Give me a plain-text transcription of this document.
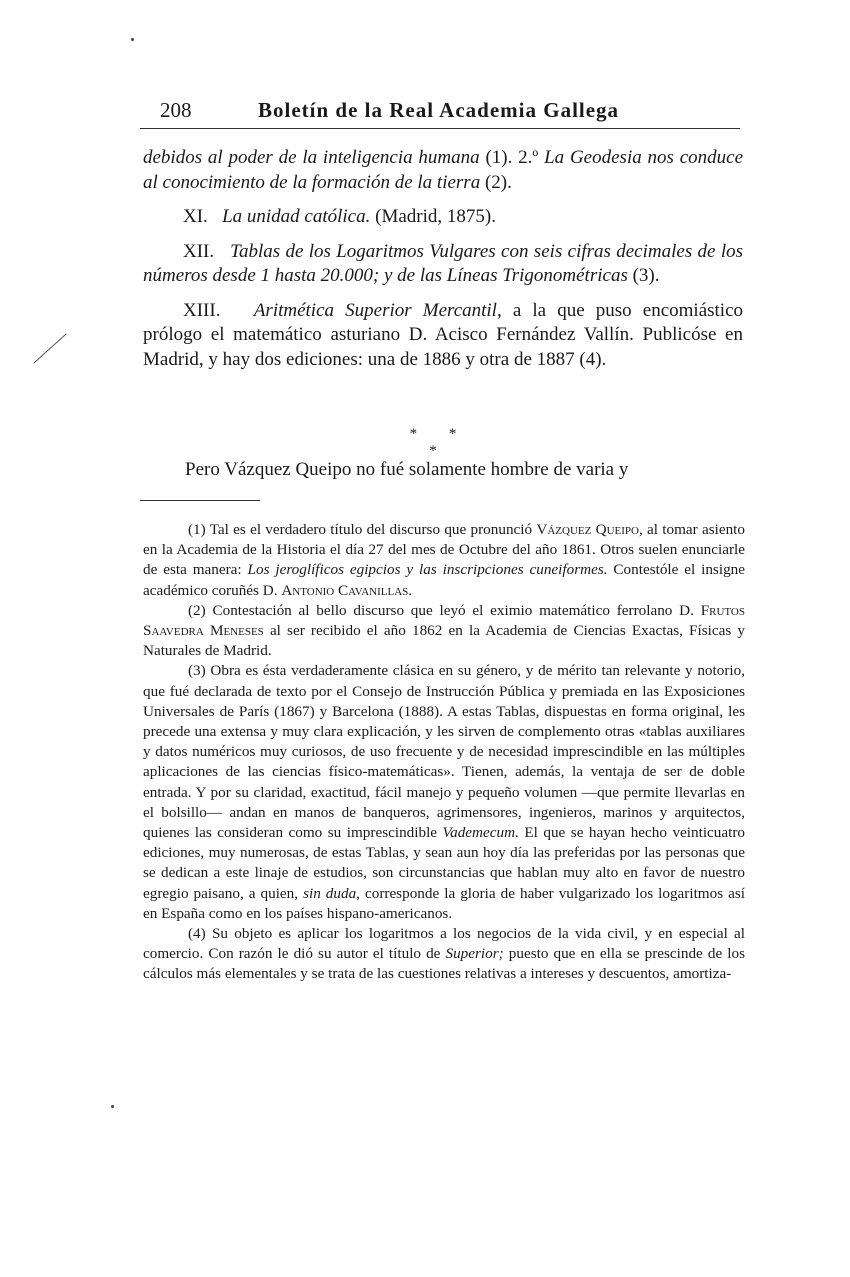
208	Boletín de la Real Academia Gallega

debidos al poder de la inteligencia humana (1). 2.º La Geodesia nos conduce al conocimiento de la formación de la tierra (2).

XI. La unidad católica. (Madrid, 1875).

XII. Tablas de los Logaritmos Vulgares con seis cifras decimales de los números desde 1 hasta 20.000; y de las Líneas Trigonométricas (3).

XIII. Aritmética Superior Mercantil, a la que puso encomiástico prólogo el matemático asturiano D. Acisco Fernández Vallín. Publicóse en Madrid, y hay dos ediciones: una de 1886 y otra de 1887 (4).

* * *

Pero Vázquez Queipo no fué solamente hombre de varia y

(1) Tal es el verdadero título del discurso que pronunció Vázquez Queipo, al tomar asiento en la Academia de la Historia el día 27 del mes de Octubre del año 1861. Otros suelen enunciarle de esta manera: Los jeroglíficos egipcios y las inscripciones cuneiformes. Contestóle el insigne académico coruñés D. Antonio Cavanillas.

(2) Contestación al bello discurso que leyó el eximio matemático ferrolano D. Frutos Saavedra Meneses al ser recibido el año 1862 en la Academia de Ciencias Exactas, Físicas y Naturales de Madrid.

(3) Obra es ésta verdaderamente clásica en su género, y de mérito tan relevante y notorio, que fué declarada de texto por el Consejo de Instrucción Pública y premiada en las Exposiciones Universales de París (1867) y Barcelona (1888). A estas Tablas, dispuestas en forma original, les precede una extensa y muy clara explicación, y les sirven de complemento otras «tablas auxiliares y datos numéricos muy curiosos, de uso frecuente y de necesidad imprescindible en las múltiples aplicaciones de las ciencias físico-matemáticas». Tienen, además, la ventaja de ser de doble entrada. Y por su claridad, exactitud, fácil manejo y pequeño volumen —que permite llevarlas en el bolsillo— andan en manos de banqueros, agrimensores, ingenieros, marinos y arquitectos, quienes las consideran como su imprescindible Vademecum. El que se hayan hecho veinticuatro ediciones, muy numerosas, de estas Tablas, y sean aun hoy día las preferidas por las personas que se dedican a este linaje de estudios, son circunstancias que hablan muy alto en favor de nuestro egregio paisano, a quien, sin duda, corresponde la gloria de haber vulgarizado los logaritmos así en España como en los países hispano-americanos.

(4) Su objeto es aplicar los logaritmos a los negocios de la vida civil, y en especial al comercio. Con razón le dió su autor el título de Superior; puesto que en ella se prescinde de los cálculos más elementales y se trata de las cuestiones relativas a intereses y descuentos, amortiza-
